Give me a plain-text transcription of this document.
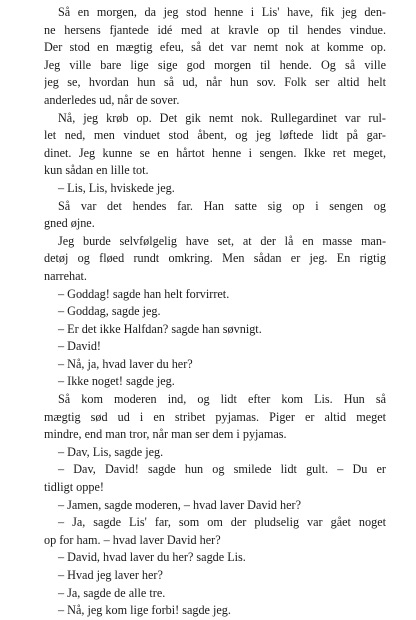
Så en morgen, da jeg stod henne i Lis' have, fik jeg den-
ne hersens fjantede idé med at kravle op til hendes vindue.
Der stod en mægtig efeu, så det var nemt nok at komme op.
Jeg ville bare lige sige god morgen til hende. Og så ville
jeg se, hvordan hun så ud, når hun sov. Folk ser altid helt
anderledes ud, når de sover.
Nå, jeg krøb op. Det gik nemt nok. Rullegardinet var rul-
let ned, men vinduet stod åbent, og jeg løftede lidt på gar-
dinet. Jeg kunne se en hårtot henne i sengen. Ikke ret meget,
kun sådan en lille tot.
– Lis, Lis, hviskede jeg.
Så var det hendes far. Han satte sig op i sengen og
gned øjne.
Jeg burde selvfølgelig have set, at der lå en masse man-
detøj og fløed rundt omkring. Men sådan er jeg. En rigtig
narrehat.
– Goddag! sagde han helt forvirret.
– Goddag, sagde jeg.
– Er det ikke Halfdan? sagde han søvnigt.
– David!
– Nå, ja, hvad laver du her?
– Ikke noget! sagde jeg.
Så kom moderen ind, og lidt efter kom Lis. Hun så
mægtig sød ud i en stribet pyjamas. Piger er altid meget
mindre, end man tror, når man ser dem i pyjamas.
– Dav, Lis, sagde jeg.
– Dav, David! sagde hun og smilede lidt gult. – Du er
tidligt oppe!
– Jamen, sagde moderen, – hvad laver David her?
– Ja, sagde Lis' far, som om der pludselig var gået noget
op for ham. – hvad laver David her?
– David, hvad laver du her? sagde Lis.
– Hvad jeg laver her?
– Ja, sagde de alle tre.
– Nå, jeg kom lige forbi! sagde jeg.
